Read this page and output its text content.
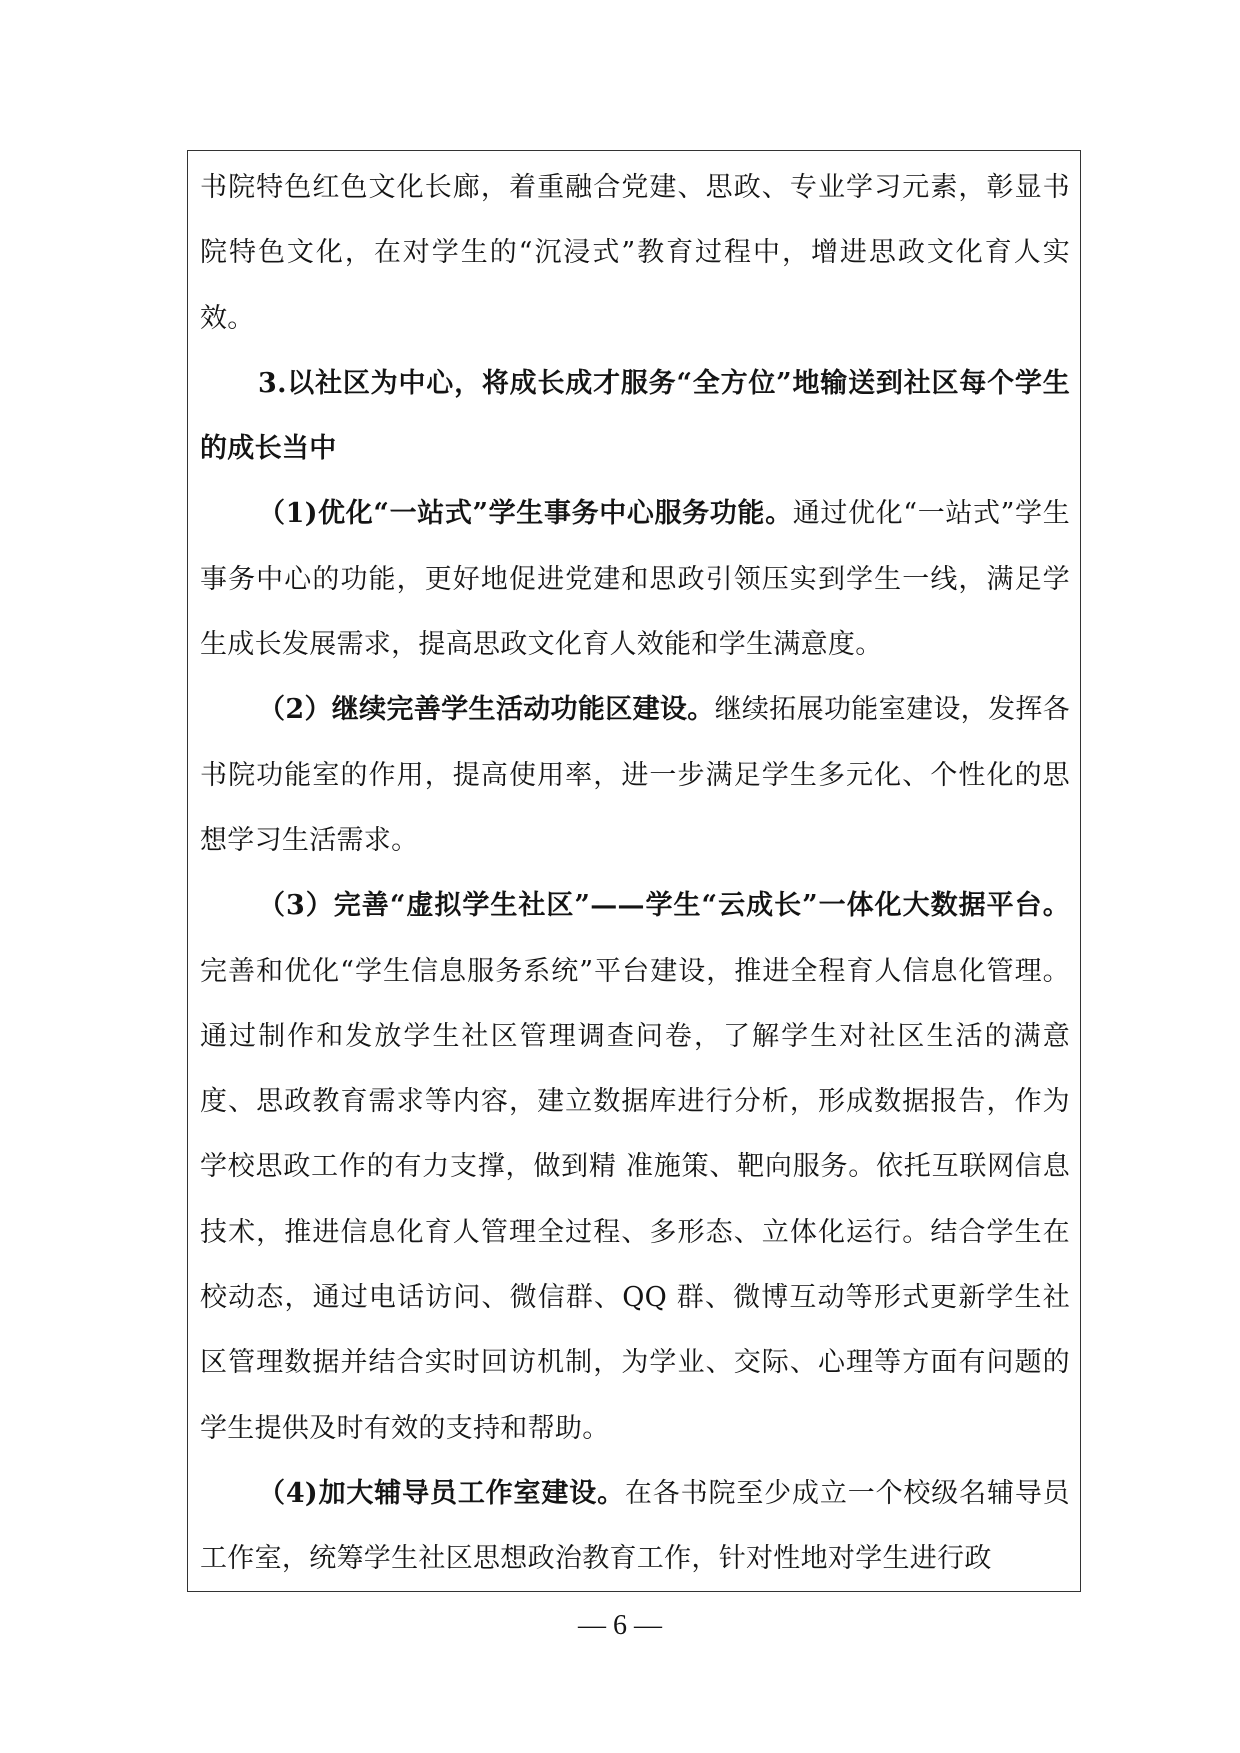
书院特色红色文化长廊，着重融合党建、思政、专业学习元素，彰显书院特色文化，在对学生的“沉浸式”教育过程中，增进思政文化育人实效。

3.以社区为中心，将成长成才服务“全方位”地输送到社区每个学生的成长当中

（1)优化“一站式”学生事务中心服务功能。通过优化“一站式”学生事务中心的功能，更好地促进党建和思政引领压实到学生一线，满足学生成长发展需求，提高思政文化育人效能和学生满意度。

（2）继续完善学生活动功能区建设。继续拓展功能室建设，发挥各书院功能室的作用，提高使用率，进一步满足学生多元化、个性化的思想学习生活需求。

（3）完善“虚拟学生社区”——学生“云成长”一体化大数据平台。完善和优化“学生信息服务系统”平台建设，推进全程育人信息化管理。通过制作和发放学生社区管理调查问卷，了解学生对社区生活的满意度、思政教育需求等内容，建立数据库进行分析，形成数据报告，作为学校思政工作的有力支撑，做到精 准施策、靶向服务。依托互联网信息技术，推进信息化育人管理全过程、多形态、立体化运行。结合学生在校动态，通过电话访问、微信群、QQ 群、微博互动等形式更新学生社区管理数据并结合实时回访机制，为学业、交际、心理等方面有问题的学生提供及时有效的支持和帮助。

（4)加大辅导员工作室建设。在各书院至少成立一个校级名辅导员工作室，统筹学生社区思想政治教育工作，针对性地对学生进行政

— 6 —
